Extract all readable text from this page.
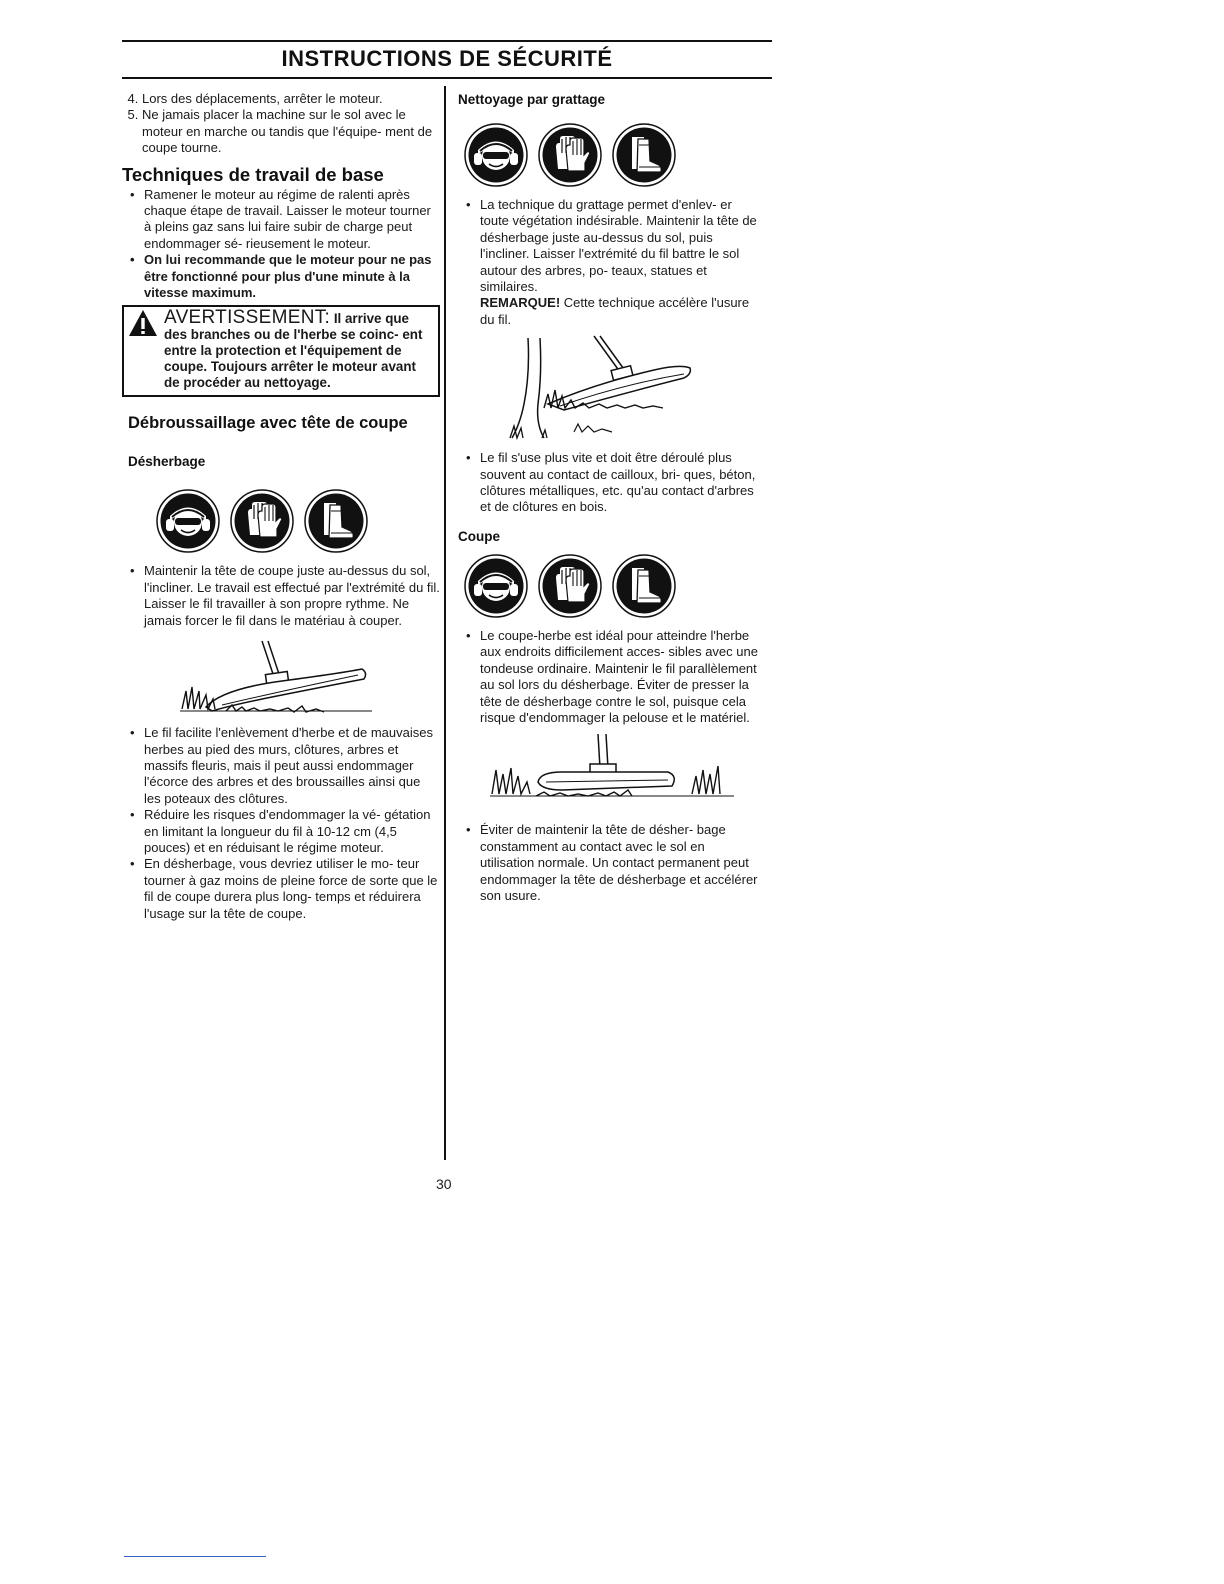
INSTRUCTIONS DE SÉCURITÉ
4. Lors des déplacements, arrêter le moteur.
5. Ne jamais placer la machine sur le sol avec le moteur en marche ou tandis que l'équipe- ment de coupe tourne.
Techniques de travail de base
• Ramener le moteur au régime de ralenti après chaque étape de travail. Laisser le moteur tourner à pleins gaz sans lui faire subir de charge peut endommager sé- rieusement le moteur.
• On lui recommande que le moteur pour ne pas être fonctionné pour plus d'une minute à la vitesse maximum.
AVERTISSEMENT: Il arrive que des branches ou de l'herbe se coinc- ent entre la protection et l'équipement de coupe. Toujours arrêter le moteur avant de procéder au nettoyage.
Débroussaillage avec tête de coupe
Désherbage
• Maintenir la tête de coupe juste au-dessus du sol, l'incliner. Le travail est effectué par l'extrémité du fil. Laisser le fil travailler à son propre rythme. Ne jamais forcer le fil dans le matériau à couper.
• Le fil facilite l'enlèvement d'herbe et de mauvaises herbes au pied des murs, clôtures, arbres et massifs fleuris, mais il peut aussi endommager l'écorce des arbres et des broussailles ainsi que les poteaux des clôtures.
• Réduire les risques d'endommager la vé- gétation en limitant la longueur du fil à 10-12 cm (4,5 pouces) et en réduisant le régime moteur.
• En désherbage, vous devriez utiliser le mo- teur tourner à gaz moins de pleine force de sorte que le fil de coupe durera plus long- temps et réduirera l'usage sur la tête de coupe.
Nettoyage par grattage
• La technique du grattage permet d'enlev- er toute végétation indésirable. Maintenir la tête de désherbage juste au-dessus du sol, puis l'incliner. Laisser l'extrémité du fil battre le sol autour des arbres, po- teaux, statues et similaires.
REMARQUE! Cette technique accélère l'usure du fil.
• Le fil s'use plus vite et doit être déroulé plus souvent au contact de cailloux, bri- ques, béton, clôtures métalliques, etc. qu'au contact d'arbres et de clôtures en bois.
Coupe
• Le coupe-herbe est idéal pour atteindre l'herbe aux endroits difficilement acces- sibles avec une tondeuse ordinaire. Maintenir le fil parallèlement au sol lors du désherbage. Éviter de presser la tête de désherbage contre le sol, puisque cela risque d'endommager la pelouse et le matériel.
• Éviter de maintenir la tête de désher- bage constamment au contact avec le sol en utilisation normale. Un contact permanent peut endommager la tête de désherbage et accélérer son usure.
30
